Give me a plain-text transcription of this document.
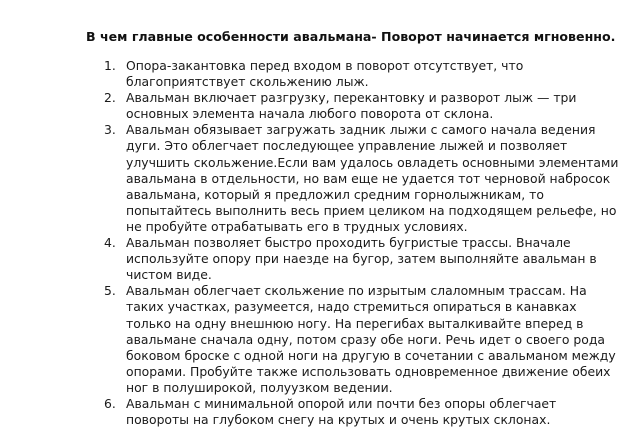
В чем главные особенности авальмана- Поворот начинается мгновенно.
1. Опора-закантовка перед входом в поворот отсутствует, что благоприятствует скольжению лыж.
2. Авальман включает разгрузку, перекантовку и разворот лыж — три основных элемента начала любого поворота от склона.
3. Авальман обязывает загружать задник лыжи с самого начала ведения дуги. Это облегчает последующее управление лыжей и позволяет улучшить скольжение.Если вам удалось овладеть основными элементами авальмана в отдельности, но вам еще не удается тот черновой набросок авальмана, который я предложил средним горнолыжникам, то попытайтесь выполнить весь прием целиком на подходящем рельефе, но не пробуйте отрабатывать его в трудных условиях.
4. Авальман позволяет быстро проходить бугристые трассы. Вначале используйте опору при наезде на бугор, затем выполняйте авальман в чистом виде.
5. Авальман облегчает скольжение по изрытым слаломным трассам. На таких участках, разумеется, надо стремиться опираться в канавках только на одну внешнюю ногу. На перегибах выталкивайте вперед в авальмане сначала одну, потом сразу обе ноги. Речь идет о своего рода боковом броске с одной ноги на другую в сочетании с авальманом между опорами. Пробуйте также использовать одновременное движение обеих ног в полуширокой, полуузком ведении.
6. Авальман с минимальной опорой или почти без опоры облегчает повороты на глубоком снегу на крутых и очень крутых склонах.
